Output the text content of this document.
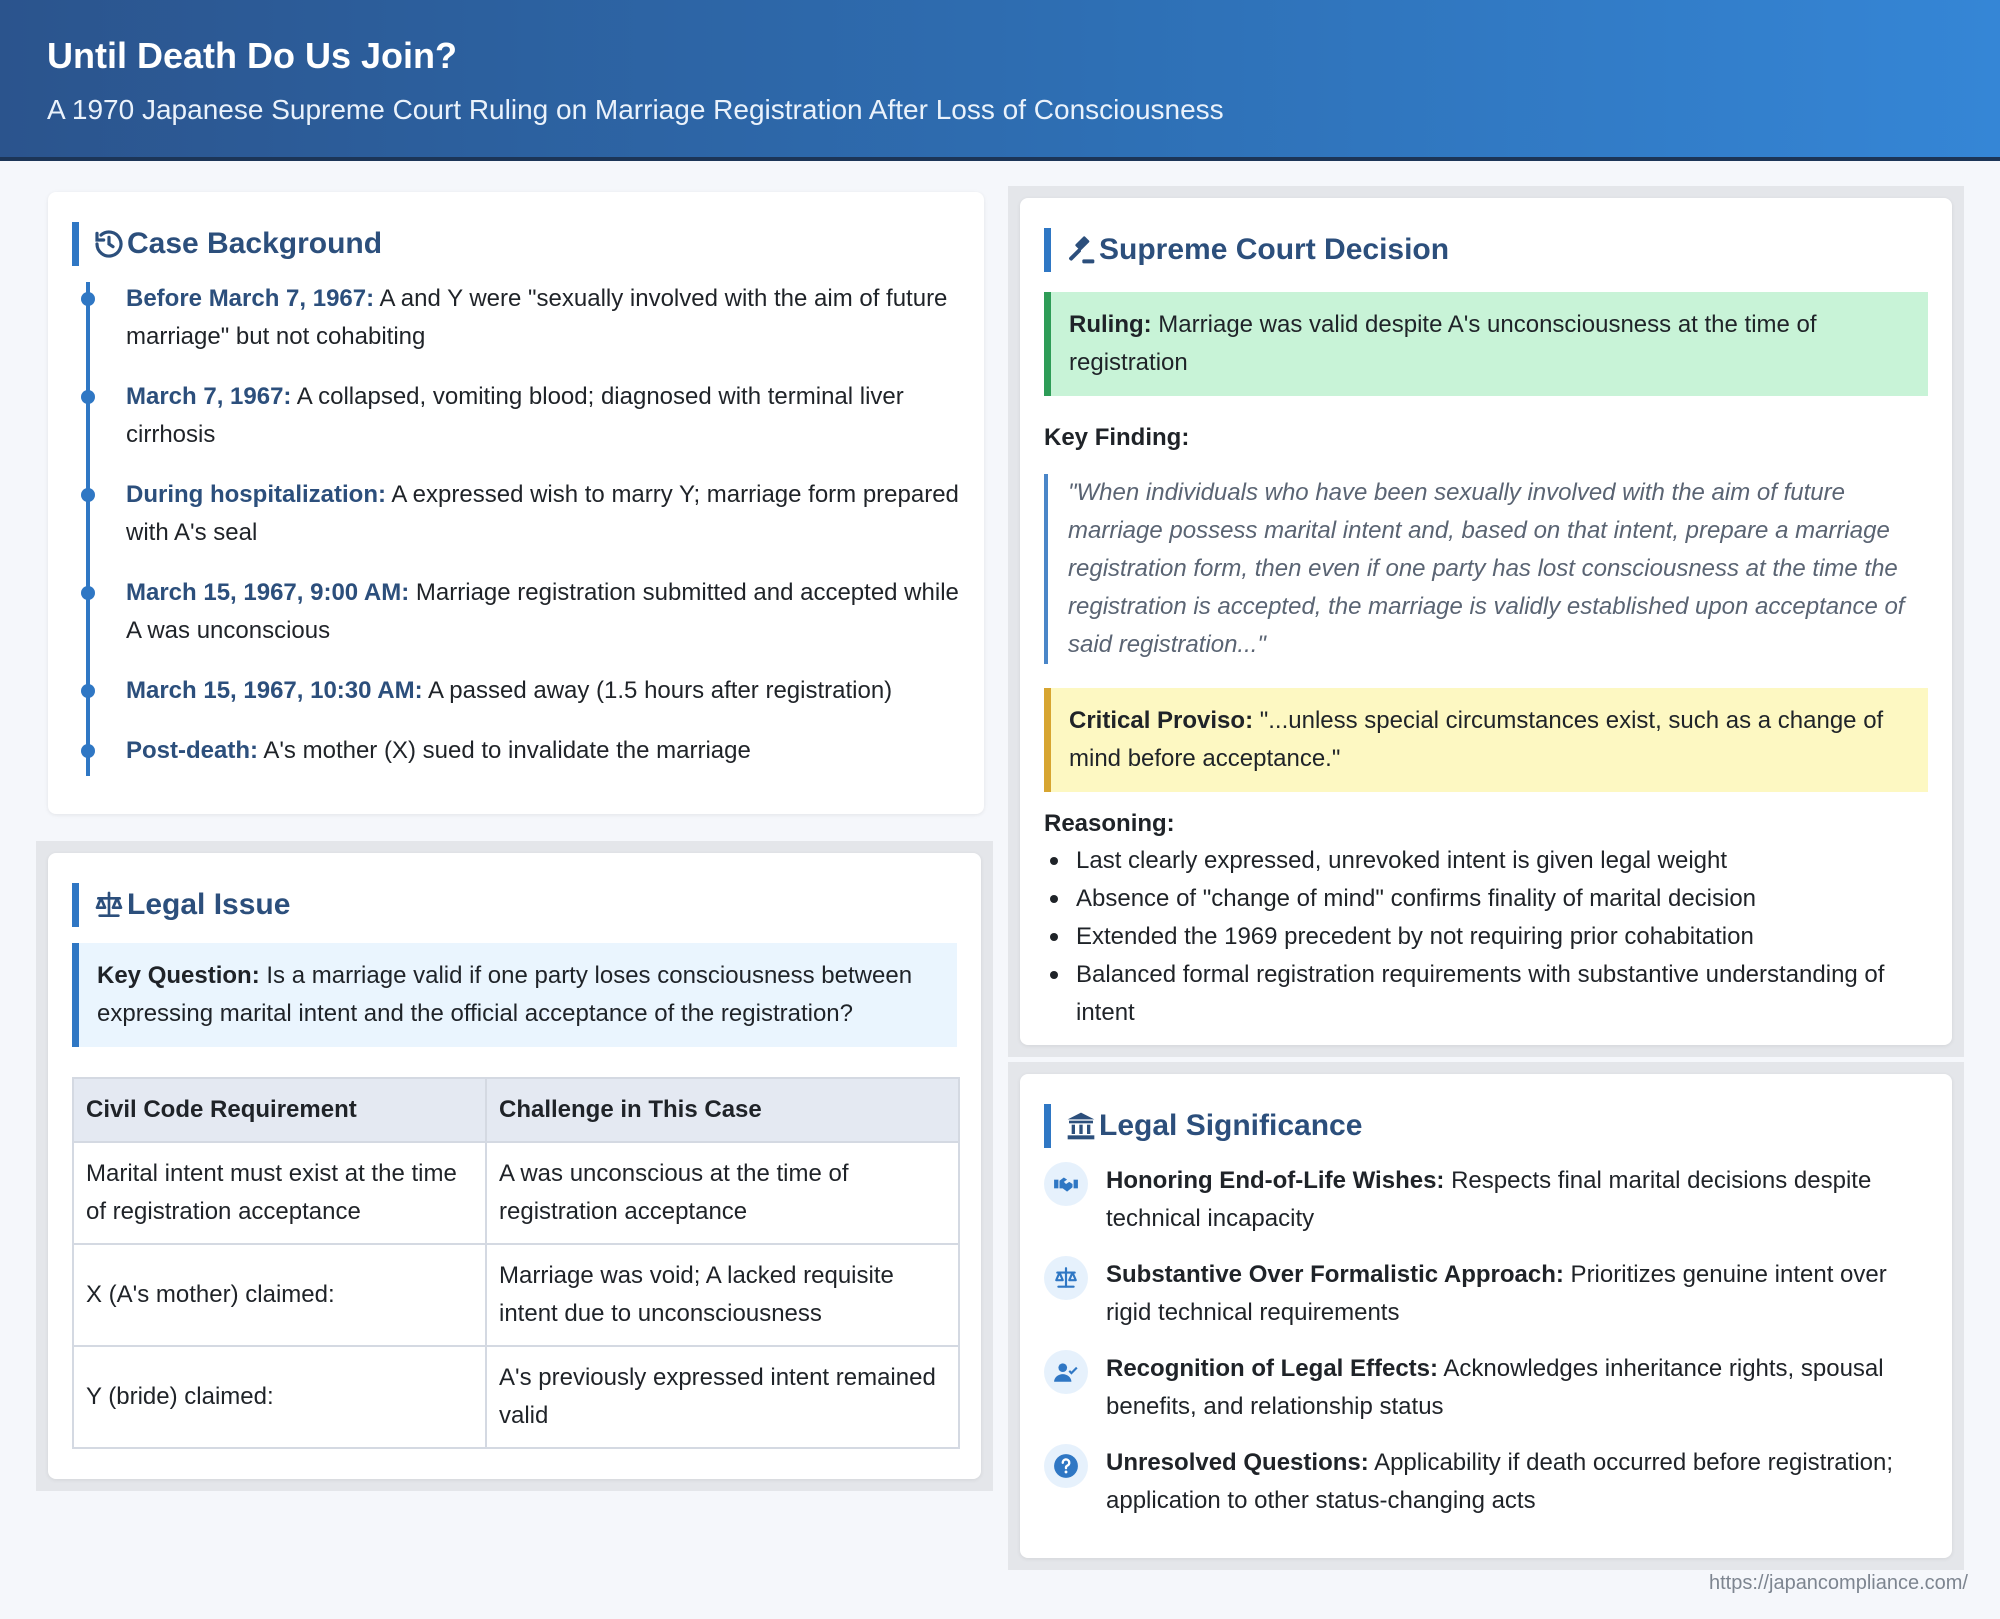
Until Death Do Us Join?
A 1970 Japanese Supreme Court Ruling on Marriage Registration After Loss of Consciousness
Case Background
Before March 7, 1967: A and Y were "sexually involved with the aim of future marriage" but not cohabiting
March 7, 1967: A collapsed, vomiting blood; diagnosed with terminal liver cirrhosis
During hospitalization: A expressed wish to marry Y; marriage form prepared with A's seal
March 15, 1967, 9:00 AM: Marriage registration submitted and accepted while A was unconscious
March 15, 1967, 10:30 AM: A passed away (1.5 hours after registration)
Post-death: A's mother (X) sued to invalidate the marriage
Legal Issue
Key Question: Is a marriage valid if one party loses consciousness between expressing marital intent and the official acceptance of the registration?
Civil Code Requirement	Challenge in This Case
Marital intent must exist at the time of registration acceptance	A was unconscious at the time of registration acceptance
X (A's mother) claimed:	Marriage was void; A lacked requisite intent due to unconsciousness
Y (bride) claimed:	A's previously expressed intent remained valid
Supreme Court Decision
Ruling: Marriage was valid despite A's unconsciousness at the time of registration
Key Finding:
"When individuals who have been sexually involved with the aim of future marriage possess marital intent and, based on that intent, prepare a marriage registration form, then even if one party has lost consciousness at the time the registration is accepted, the marriage is validly established upon acceptance of said registration..."
Critical Proviso: "...unless special circumstances exist, such as a change of mind before acceptance."
Reasoning:
Last clearly expressed, unrevoked intent is given legal weight
Absence of "change of mind" confirms finality of marital decision
Extended the 1969 precedent by not requiring prior cohabitation
Balanced formal registration requirements with substantive understanding of intent
Legal Significance
Honoring End-of-Life Wishes: Respects final marital decisions despite technical incapacity
Substantive Over Formalistic Approach: Prioritizes genuine intent over rigid technical requirements
Recognition of Legal Effects: Acknowledges inheritance rights, spousal benefits, and relationship status
Unresolved Questions: Applicability if death occurred before registration; application to other status-changing acts
https://japancompliance.com/
